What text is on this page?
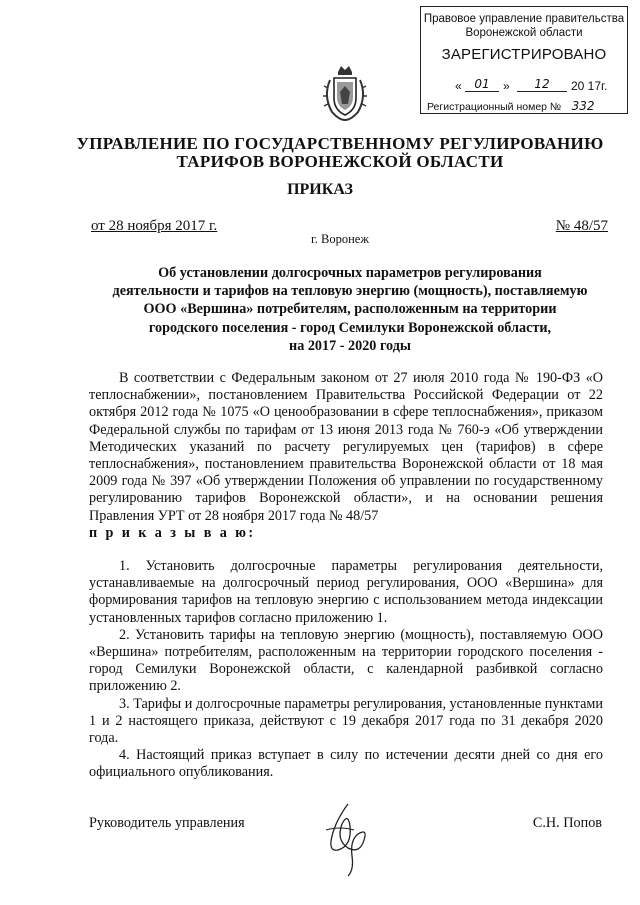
Правовое управление правительства
Воронежской области
ЗАРЕГИСТРИРОВАНО
«	01	»	12	20 17г.
Регистрационный номер № 332
УПРАВЛЕНИЕ ПО ГОСУДАРСТВЕННОМУ РЕГУЛИРОВАНИЮ
ТАРИФОВ ВОРОНЕЖСКОЙ ОБЛАСТИ
ПРИКАЗ
от 28 ноября 2017 г.	№ 48/57
г. Воронеж
Об установлении долгосрочных параметров регулирования
деятельности и тарифов на тепловую энергию (мощность), поставляемую
ООО «Вершина» потребителям, расположенным на территории
городского поселения - город Семилуки Воронежской области,
на 2017 - 2020 годы

В соответствии с Федеральным законом от 27 июля 2010 года № 190-ФЗ «О теплоснабжении», постановлением Правительства Российской Федерации от 22 октября 2012 года № 1075 «О ценообразовании в сфере теплоснабжения», приказом Федеральной службы по тарифам от 13 июня 2013 года № 760-э «Об утверждении Методических указаний по расчету регулируемых цен (тарифов) в сфере теплоснабжения», постановлением правительства Воронежской области от 18 мая 2009 года № 397 «Об утверждении Положения об управлении по государственному регулированию тарифов Воронежской области», и на основании решения Правления УРТ от 28 ноября 2017 года № 48/57

п р и к а з ы в а ю:

1. Установить долгосрочные параметры регулирования деятельности, устанавливаемые на долгосрочный период регулирования, ООО «Вершина» для формирования тарифов на тепловую энергию с использованием метода индексации установленных тарифов согласно приложению 1.

2. Установить тарифы на тепловую энергию (мощность), поставляемую ООО «Вершина» потребителям, расположенным на территории городского поселения - город Семилуки Воронежской области, с календарной разбивкой согласно приложению 2.

3. Тарифы и долгосрочные параметры регулирования, установленные пунктами 1 и 2 настоящего приказа, действуют с 19 декабря 2017 года по 31 декабря 2020 года.

4. Настоящий приказ вступает в силу по истечении десяти дней со дня его официального опубликования.

Руководитель управления	С.Н. Попов
